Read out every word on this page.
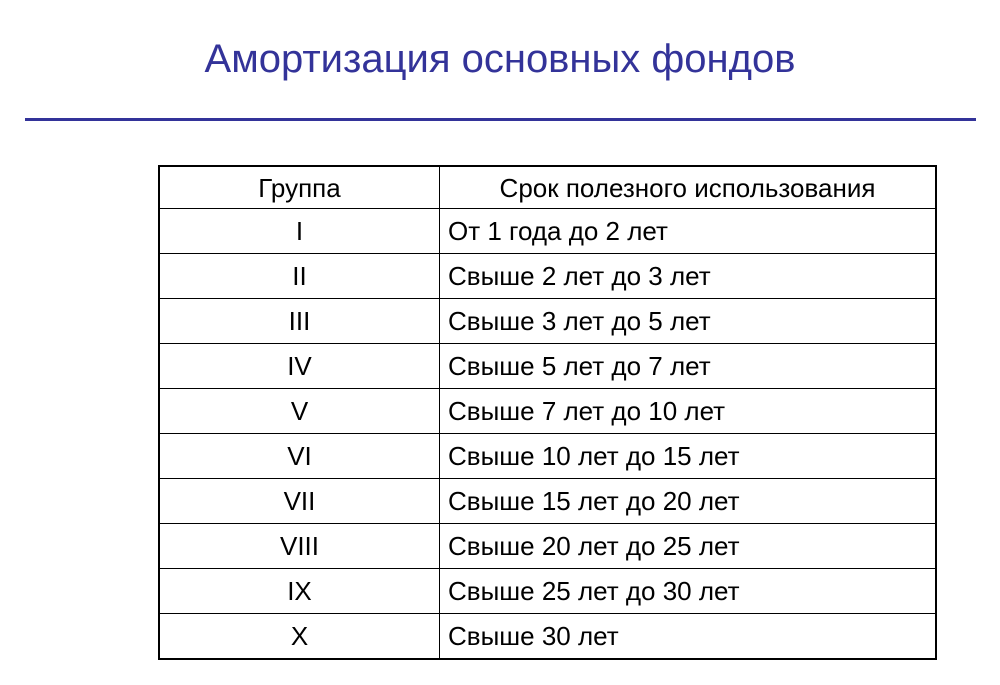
Амортизация основных фондов
Группа	Срок полезного использования
I	От 1 года до 2 лет
II	Свыше 2 лет до 3 лет
III	Свыше 3 лет до 5 лет
IV	Свыше 5 лет до 7 лет
V	Свыше 7 лет до 10 лет
VI	Свыше 10 лет до 15 лет
VII	Свыше 15 лет до 20 лет
VIII	Свыше 20 лет до 25 лет
IX	Свыше 25 лет до 30 лет
X	Свыше 30 лет
